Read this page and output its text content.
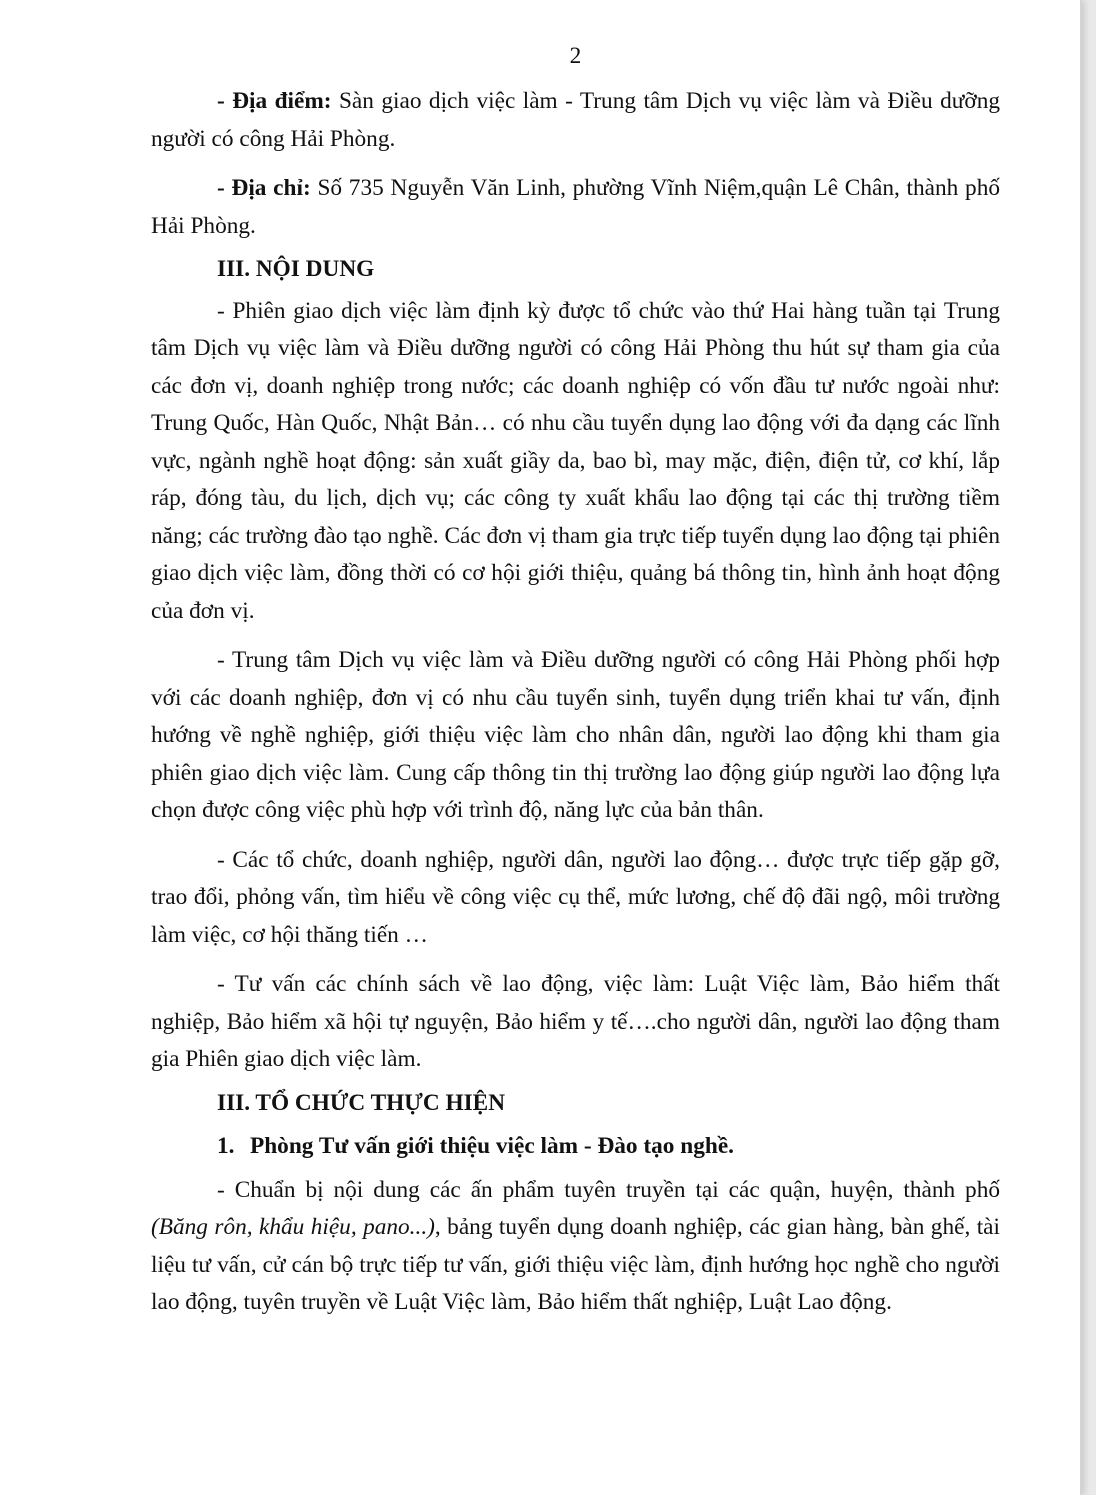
2

- Địa điểm: Sàn giao dịch việc làm - Trung tâm Dịch vụ việc làm và Điều dưỡng người có công Hải Phòng.

- Địa chỉ: Số 735 Nguyễn Văn Linh, phường Vĩnh Niệm,quận Lê Chân, thành phố Hải Phòng.

III. NỘI DUNG

- Phiên giao dịch việc làm định kỳ được tổ chức vào thứ Hai hàng tuần tại Trung tâm Dịch vụ việc làm và Điều dưỡng người có công Hải Phòng thu hút sự tham gia của các đơn vị, doanh nghiệp trong nước; các doanh nghiệp có vốn đầu tư nước ngoài như: Trung Quốc, Hàn Quốc, Nhật Bản… có nhu cầu tuyển dụng lao động với đa dạng các lĩnh vực, ngành nghề hoạt động: sản xuất giầy da, bao bì, may mặc, điện, điện tử, cơ khí, lắp ráp, đóng tàu, du lịch, dịch vụ; các công ty xuất khẩu lao động tại các thị trường tiềm năng; các trường đào tạo nghề. Các đơn vị tham gia trực tiếp tuyển dụng lao động tại phiên giao dịch việc làm, đồng thời có cơ hội giới thiệu, quảng bá thông tin, hình ảnh hoạt động của đơn vị.

- Trung tâm Dịch vụ việc làm và Điều dưỡng người có công Hải Phòng phối hợp với các doanh nghiệp, đơn vị có nhu cầu tuyển sinh, tuyển dụng triển khai tư vấn, định hướng về nghề nghiệp, giới thiệu việc làm cho nhân dân, người lao động khi tham gia phiên giao dịch việc làm. Cung cấp thông tin thị trường lao động giúp người lao động lựa chọn được công việc phù hợp với trình độ, năng lực của bản thân.

- Các tổ chức, doanh nghiệp, người dân, người lao động… được trực tiếp gặp gỡ, trao đổi, phỏng vấn, tìm hiểu về công việc cụ thể, mức lương, chế độ đãi ngộ, môi trường làm việc, cơ hội thăng tiến …

- Tư vấn các chính sách về lao động, việc làm: Luật Việc làm, Bảo hiểm thất nghiệp, Bảo hiểm xã hội tự nguyện, Bảo hiểm y tế….cho người dân, người lao động tham gia Phiên giao dịch việc làm.

III. TỔ CHỨC THỰC HIỆN

1. Phòng Tư vấn giới thiệu việc làm - Đào tạo nghề.

- Chuẩn bị nội dung các ấn phẩm tuyên truyền tại các quận, huyện, thành phố (Băng rôn, khẩu hiệu, pano...), bảng tuyển dụng doanh nghiệp, các gian hàng, bàn ghế, tài liệu tư vấn, cử cán bộ trực tiếp tư vấn, giới thiệu việc làm, định hướng học nghề cho người lao động, tuyên truyền về Luật Việc làm, Bảo hiểm thất nghiệp, Luật Lao động.
